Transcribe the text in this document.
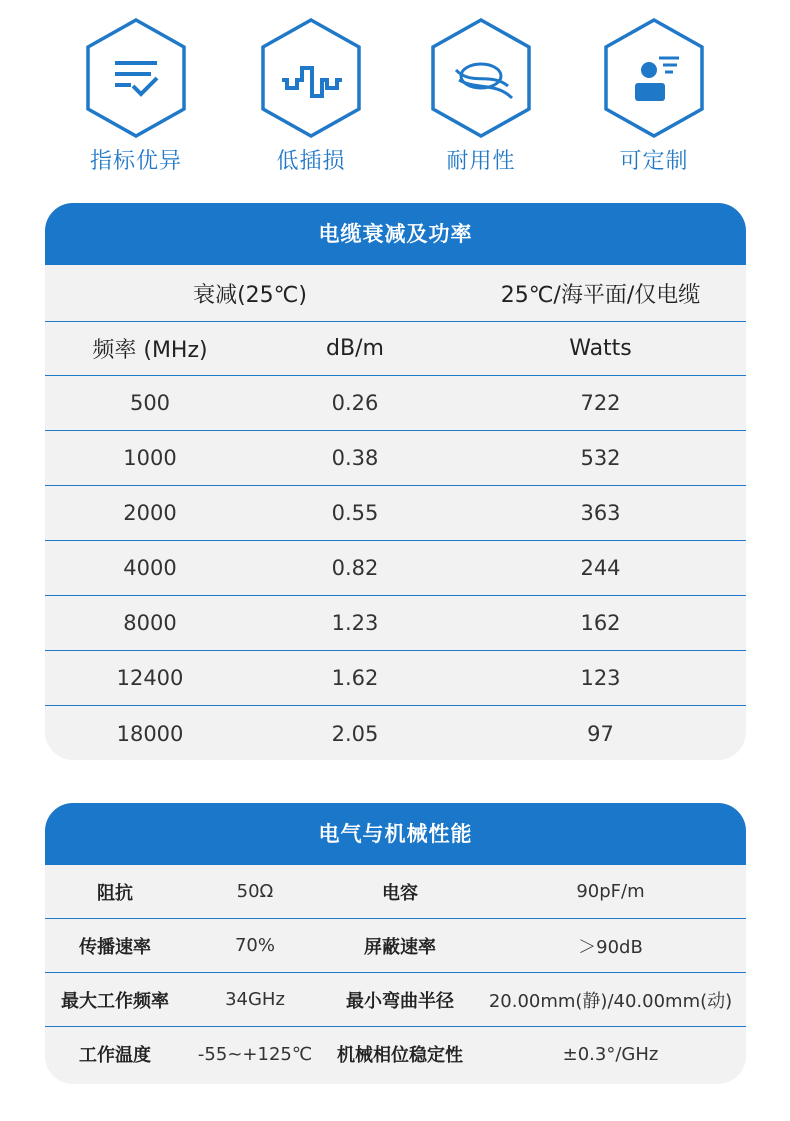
指标优异	低插损	耐用性	可定制
电缆衰减及功率
衰减(25℃)	25℃/海平面/仅电缆
频率 (MHz)	dB/m	Watts
500	0.26	722
1000	0.38	532
2000	0.55	363
4000	0.82	244
8000	1.23	162
12400	1.62	123
18000	2.05	97
电气与机械性能
阻抗	50Ω	电容	90pF/m
传播速率	70%	屏蔽速率	＞90dB
最大工作频率	34GHz	最小弯曲半径	20.00mm(静)/40.00mm(动)
工作温度	-55~+125℃	机械相位稳定性	±0.3°/GHz
